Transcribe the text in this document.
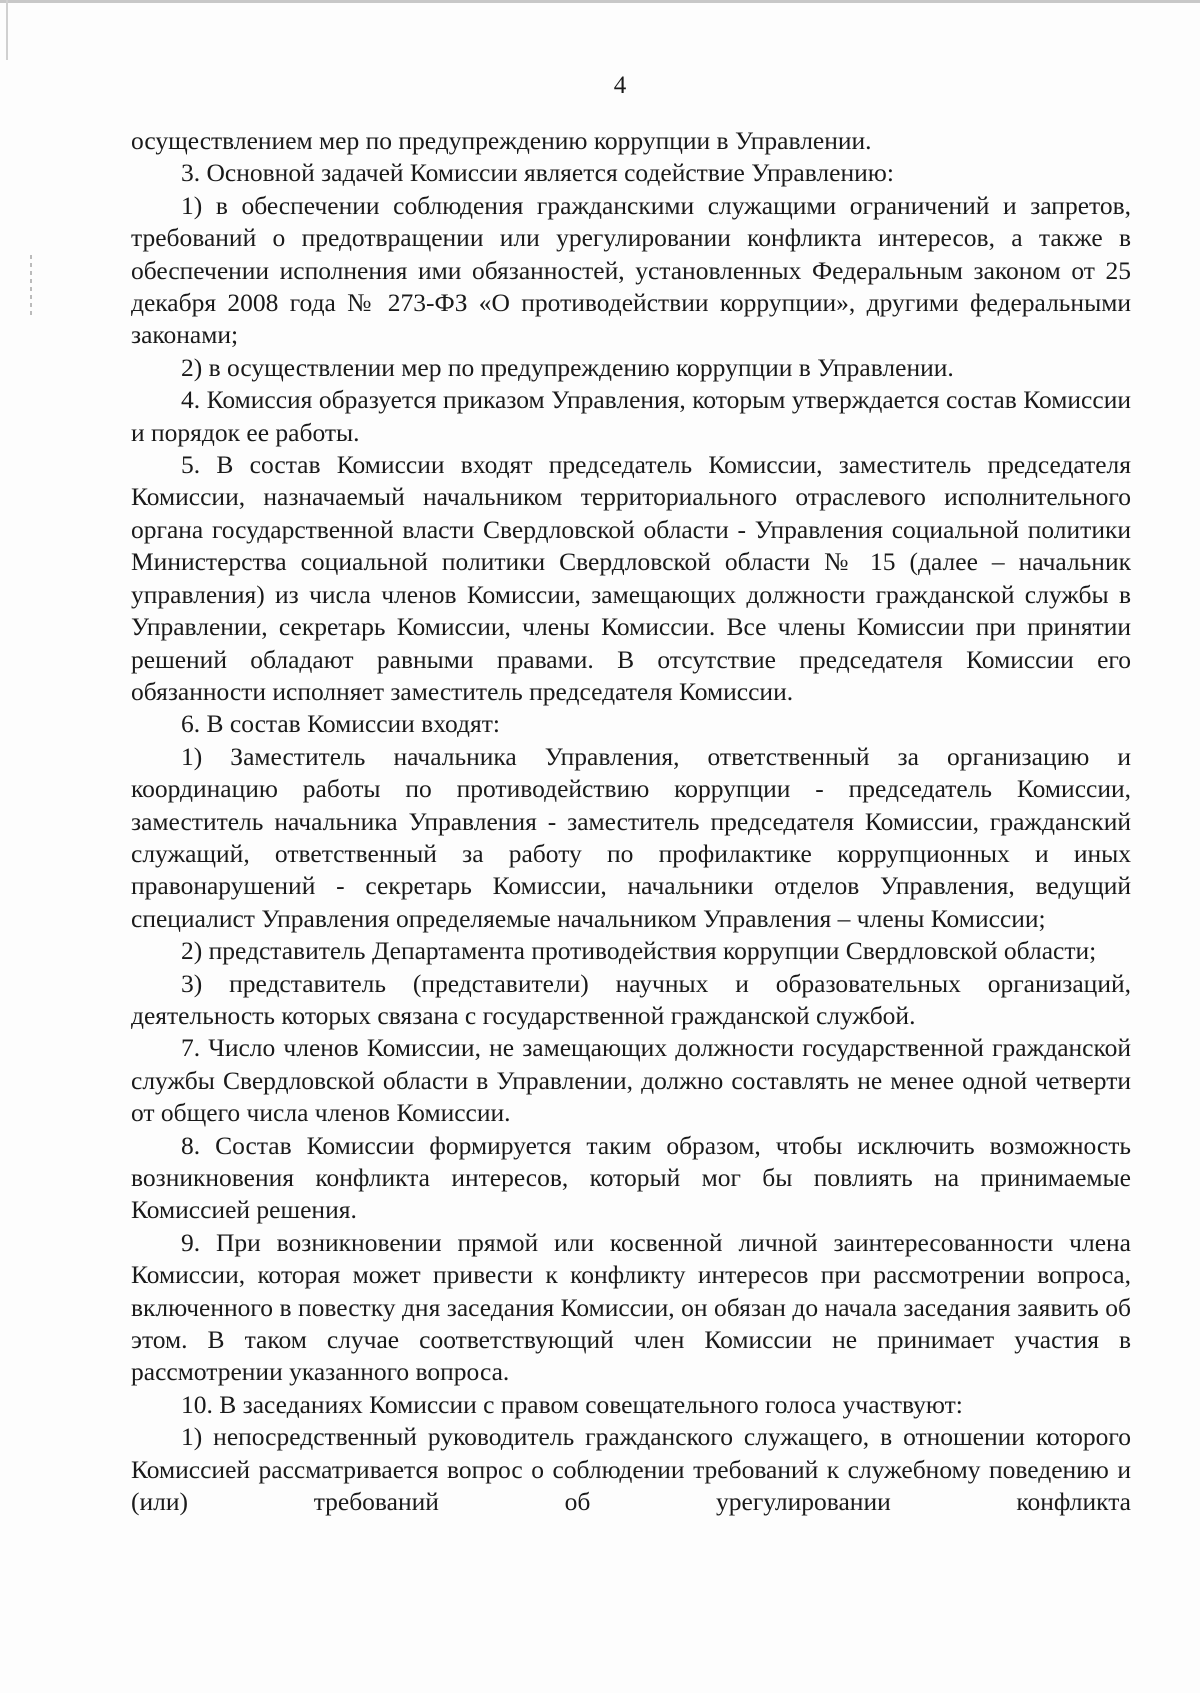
4

осуществлением мер по предупреждению коррупции в Управлении.

3. Основной задачей Комиссии является содействие Управлению:

1) в обеспечении соблюдения гражданскими служащими ограничений и запретов, требований о предотвращении или урегулировании конфликта интересов, а также в обеспечении исполнения ими обязанностей, установленных Федеральным законом от 25 декабря 2008 года № 273-ФЗ «О противодействии коррупции», другими федеральными законами;

2) в осуществлении мер по предупреждению коррупции в Управлении.

4. Комиссия образуется приказом Управления, которым утверждается состав Комиссии и порядок ее работы.

5. В состав Комиссии входят председатель Комиссии, заместитель председателя Комиссии, назначаемый начальником территориального отраслевого исполнительного органа государственной власти Свердловской области - Управления социальной политики Министерства социальной политики Свердловской области № 15 (далее – начальник управления) из числа членов Комиссии, замещающих должности гражданской службы в Управлении, секретарь Комиссии, члены Комиссии. Все члены Комиссии при принятии решений обладают равными правами. В отсутствие председателя Комиссии его обязанности исполняет заместитель председателя Комиссии.

6. В состав Комиссии входят:

1) Заместитель начальника Управления, ответственный за организацию и координацию работы по противодействию коррупции - председатель Комиссии, заместитель начальника Управления - заместитель председателя Комиссии, гражданский служащий, ответственный за работу по профилактике коррупционных и иных правонарушений - секретарь Комиссии, начальники отделов Управления, ведущий специалист Управления определяемые начальником Управления – члены Комиссии;

2) представитель Департамента противодействия коррупции Свердловской области;

3) представитель (представители) научных и образовательных организаций, деятельность которых связана с государственной гражданской службой.

7. Число членов Комиссии, не замещающих должности государственной гражданской службы Свердловской области в Управлении, должно составлять не менее одной четверти от общего числа членов Комиссии.

8. Состав Комиссии формируется таким образом, чтобы исключить возможность возникновения конфликта интересов, который мог бы повлиять на принимаемые Комиссией решения.

9. При возникновении прямой или косвенной личной заинтересованности члена Комиссии, которая может привести к конфликту интересов при рассмотрении вопроса, включенного в повестку дня заседания Комиссии, он обязан до начала заседания заявить об этом. В таком случае соответствующий член Комиссии не принимает участия в рассмотрении указанного вопроса.

10. В заседаниях Комиссии с правом совещательного голоса участвуют:

1) непосредственный руководитель гражданского служащего, в отношении которого Комиссией рассматривается вопрос о соблюдении требований к служебному поведению и (или) требований об урегулировании конфликта
